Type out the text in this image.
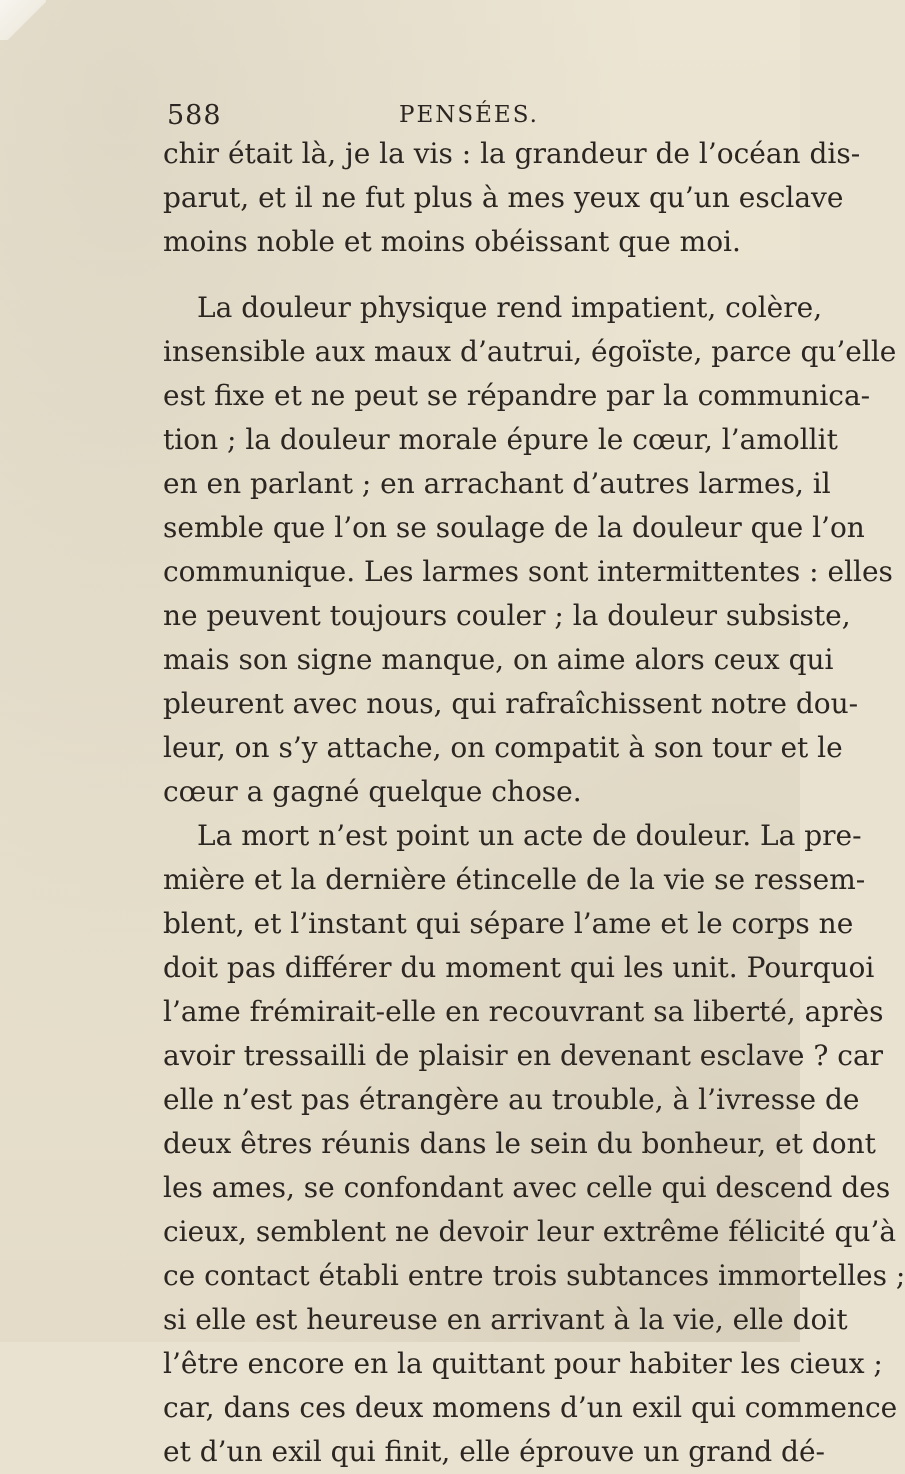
588	PENSÉES.
chir était là, je la vis : la grandeur de l’océan dis-
parut, et il ne fut plus à mes yeux qu’un esclave
moins noble et moins obéissant que moi.
La douleur physique rend impatient, colère,
insensible aux maux d’autrui, égoïste, parce qu’elle
est fixe et ne peut se répandre par la communica-
tion ; la douleur morale épure le cœur, l’amollit
en en parlant ; en arrachant d’autres larmes, il
semble que l’on se soulage de la douleur que l’on
communique. Les larmes sont intermittentes : elles
ne peuvent toujours couler ; la douleur subsiste,
mais son signe manque, on aime alors ceux qui
pleurent avec nous, qui rafraîchissent notre dou-
leur, on s’y attache, on compatit à son tour et le
cœur a gagné quelque chose.
La mort n’est point un acte de douleur. La pre-
mière et la dernière étincelle de la vie se ressem-
blent, et l’instant qui sépare l’ame et le corps ne
doit pas différer du moment qui les unit. Pourquoi
l’ame frémirait-elle en recouvrant sa liberté, après
avoir tressailli de plaisir en devenant esclave ? car
elle n’est pas étrangère au trouble, à l’ivresse de
deux êtres réunis dans le sein du bonheur, et dont
les ames, se confondant avec celle qui descend des
cieux, semblent ne devoir leur extrême félicité qu’à
ce contact établi entre trois subtances immortelles ;
si elle est heureuse en arrivant à la vie, elle doit
l’être encore en la quittant pour habiter les cieux ;
car, dans ces deux momens d’un exil qui commence
et d’un exil qui finit, elle éprouve un grand dé-
